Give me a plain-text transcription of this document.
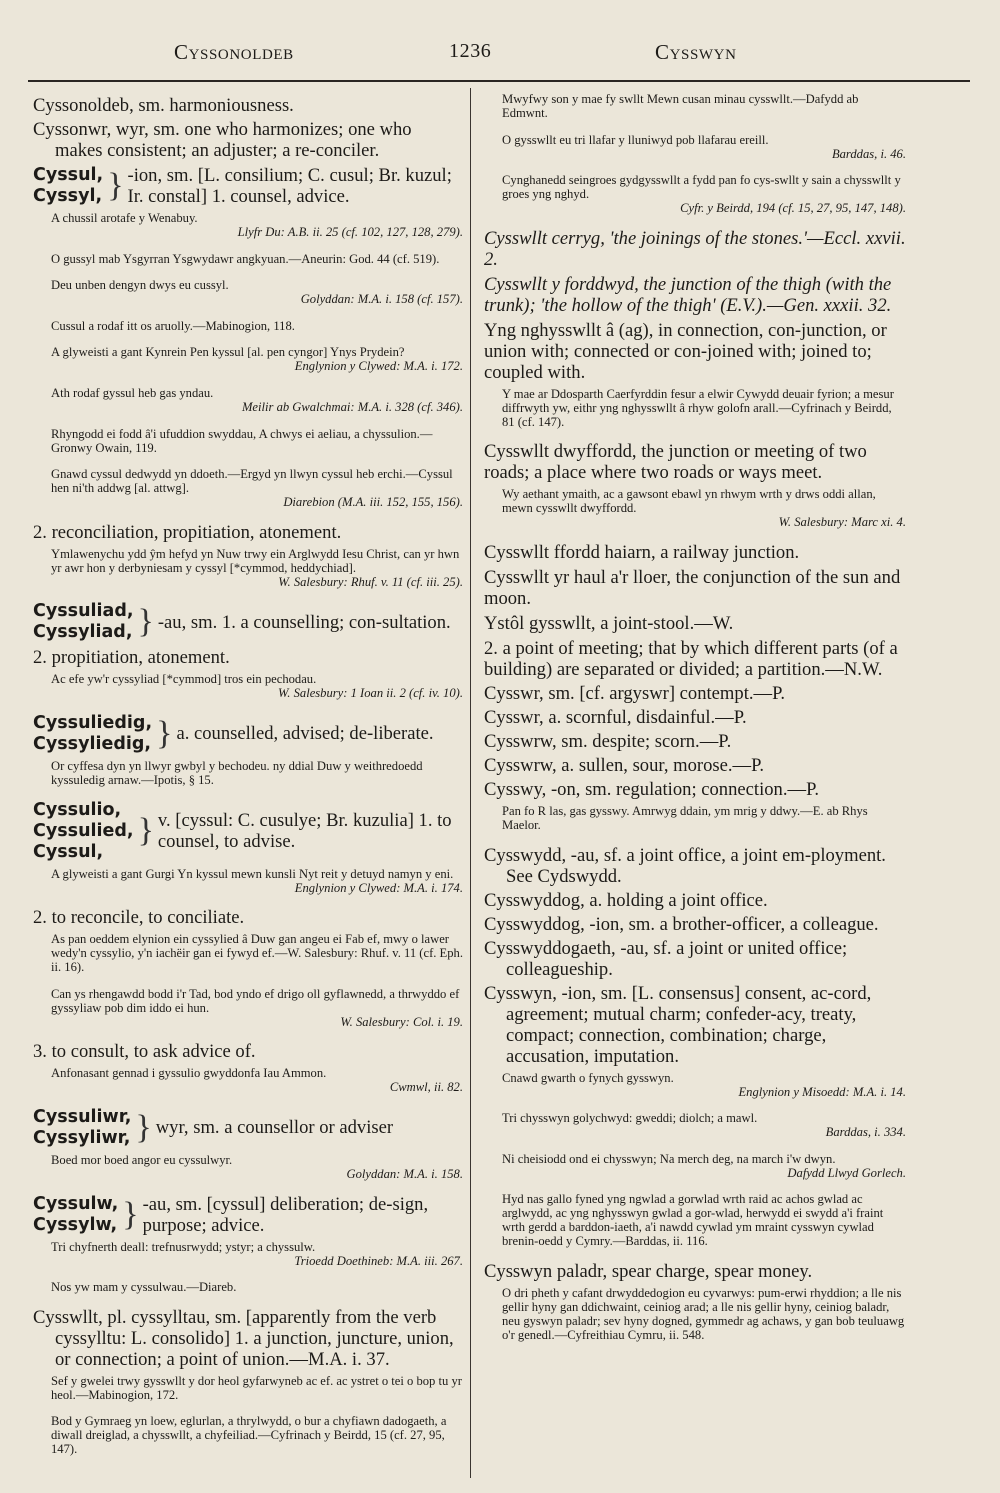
Cyssonoldeb	1236	Cysswyn

Cyssonoldeb, sm. harmoniousness.

Cyssonwr, wyr, sm. one who harmonizes; one who makes consistent; an adjuster; a re-conciler.

Cyssul,
Cyssyl, } -ion, sm. [L. consilium; C. cusul; Br. kuzul; Ir. constal] 1. counsel, advice.

A chussil arotafe y Wenabuy.
Llyfr Du: A.B. ii. 25 (cf. 102, 127, 128, 279).

O gussyl mab Ysgyrran Ysgwydawr angkyuan.—Aneurin: God. 44 (cf. 519).

Deu unben dengyn dwys eu cussyl.
Golyddan: M.A. i. 158 (cf. 157).

Cussul a rodaf itt os aruolly.—Mabinogion, 118.

A glyweisti a gant Kynrein Pen kyssul [al. pen cyngor] Ynys Prydein?
Englynion y Clywed: M.A. i. 172.

Ath rodaf gyssul heb gas yndau.
Meilir ab Gwalchmai: M.A. i. 328 (cf. 346).

Rhyngodd ei fodd â'i ufuddion swyddau, A chwys ei aeliau, a chyssulion.—Gronwy Owain, 119.

Gnawd cyssul dedwydd yn ddoeth.—Ergyd yn llwyn cyssul heb erchi.—Cyssul hen ni'th addwg [al. attwg].
Diarebion (M.A. iii. 152, 155, 156).

2. reconciliation, propitiation, atonement.

Ymlawenychu ydd ŷm hefyd yn Nuw trwy ein Arglwydd Iesu Christ, can yr hwn yr awr hon y derbyniesam y cyssyl [*cymmod, heddychiad].
W. Salesbury: Rhuf. v. 11 (cf. iii. 25).

Cyssuliad,
Cyssyliad, } -au, sm. 1. a counselling; con-sultation.

2. propitiation, atonement.

Ac efe yw'r cyssyliad [*cymmod] tros ein pechodau.
W. Salesbury: 1 Ioan ii. 2 (cf. iv. 10).

Cyssuliedig,
Cyssyliedig, } a. counselled, advised; de-liberate.

Or cyffesa dyn yn llwyr gwbyl y bechodeu. ny ddial Duw y weithredoedd kyssuledig arnaw.—Ipotis, § 15.

Cyssulio,
Cyssulied,
Cyssul,
} v. [cyssul: C. cusulye; Br. kuzulia] 1. to counsel, to advise.

A glyweisti a gant Gurgi Yn kyssul mewn kunsli Nyt reit y detuyd namyn y eni.
Englynion y Clywed: M.A. i. 174.

2. to reconcile, to conciliate.

As pan oeddem elynion ein cyssylied â Duw gan angeu ei Fab ef, mwy o lawer wedy'n cyssylio, y'n iachëir gan ei fywyd ef.—W. Salesbury: Rhuf. v. 11 (cf. Eph. ii. 16).

Can ys rhengawdd bodd i'r Tad, bod yndo ef drigo oll gyflawnedd, a thrwyddo ef gyssyliaw pob dim iddo ei hun.
W. Salesbury: Col. i. 19.

3. to consult, to ask advice of.

Anfonasant gennad i gyssulio gwyddonfa Iau Ammon.
Cwmwl, ii. 82.

Cyssuliwr,
Cyssyliwr, } wyr, sm. a counsellor or adviser

Boed mor boed angor eu cyssulwyr.
Golyddan: M.A. i. 158.

Cyssulw,
Cyssylw, } -au, sm. [cyssul] deliberation; de-sign, purpose; advice.

Tri chyfnerth deall: trefnusrwydd; ystyr; a chyssulw.
Trioedd Doethineb: M.A. iii. 267.

Nos yw mam y cyssulwau.—Diareb.

Cysswllt, pl. cyssylltau, sm. [apparently from the verb cyssylltu: L. consolido] 1. a junction, juncture, union, or connection; a point of union.—M.A. i. 37.

Sef y gwelei trwy gysswllt y dor heol gyfarwyneb ac ef. ac ystret o tei o bop tu yr heol.—Mabinogion, 172.

Bod y Gymraeg yn loew, eglurlan, a thrylwydd, o bur a chyfiawn dadogaeth, a diwall dreiglad, a chysswllt, a chyfeiliad.—Cyfrinach y Beirdd, 15 (cf. 27, 95, 147).

Mwyfwy son y mae fy swllt Mewn cusan minau cysswllt.—Dafydd ab Edmwnt.

O gysswllt eu tri llafar y lluniwyd pob llafarau ereill.
Barddas, i. 46.

Cynghanedd seingroes gydgysswllt a fydd pan fo cys-swllt y sain a chysswllt y groes yng nghyd.
Cyfr. y Beirdd, 194 (cf. 15, 27, 95, 147, 148).

Cysswllt cerryg, 'the joinings of the stones.'—Eccl. xxvii. 2.

Cysswllt y forddwyd, the junction of the thigh (with the trunk); 'the hollow of the thigh' (E.V.).—Gen. xxxii. 32.

Yng nghysswllt â (ag), in connection, con-junction, or union with; connected or con-joined with; joined to; coupled with.

Y mae ar Ddosparth Caerfyrddin fesur a elwir Cywydd deuair fyrion; a mesur diffrwyth yw, eithr yng nghysswllt â rhyw golofn arall.—Cyfrinach y Beirdd, 81 (cf. 147).

Cysswllt dwyffordd, the junction or meeting of two roads; a place where two roads or ways meet.

Wy aethant ymaith, ac a gawsont ebawl yn rhwym wrth y drws oddi allan, mewn cysswllt dwyffordd.
W. Salesbury: Marc xi. 4.

Cysswllt ffordd haiarn, a railway junction.

Cysswllt yr haul a'r lloer, the conjunction of the sun and moon.

Ystôl gysswllt, a joint-stool.—W.

2. a point of meeting; that by which different parts (of a building) are separated or divided; a partition.—N.W.

Cysswr, sm. [cf. argyswr] contempt.—P.

Cysswr, a. scornful, disdainful.—P.

Cysswrw, sm. despite; scorn.—P.

Cysswrw, a. sullen, sour, morose.—P.

Cysswy, -on, sm. regulation; connection.—P.

Pan fo R las, gas gysswy. Amrwyg ddain, ym mrig y ddwy.—E. ab Rhys Maelor.

Cysswydd, -au, sf. a joint office, a joint em-ployment. See Cydswydd.

Cysswyddog, a. holding a joint office.

Cysswyddog, -ion, sm. a brother-officer, a colleague.

Cysswyddogaeth, -au, sf. a joint or united office; colleagueship.

Cysswyn, -ion, sm. [L. consensus] consent, ac-cord, agreement; mutual charm; confeder-acy, treaty, compact; connection, combination; charge, accusation, imputation.

Cnawd gwarth o fynych gysswyn.
Englynion y Misoedd: M.A. i. 14.

Tri chysswyn golychwyd: gweddi; diolch; a mawl.
Barddas, i. 334.

Ni cheisiodd ond ei chysswyn; Na merch deg, na march i'w dwyn.
Dafydd Llwyd Gorlech.

Hyd nas gallo fyned yng ngwlad a gorwlad wrth raid ac achos gwlad ac arglwydd, ac yng nghysswyn gwlad a gor-wlad, herwydd ei swydd a'i fraint wrth gerdd a barddon-iaeth, a'i nawdd cywlad ym mraint cysswyn cywlad brenin-oedd y Cymry.—Barddas, ii. 116.

Cysswyn paladr, spear charge, spear money.

O dri pheth y cafant drwyddedogion eu cyvarwys: pum-erwi rhyddion; a lle nis gellir hyny gan ddichwaint, ceiniog arad; a lle nis gellir hyny, ceiniog baladr, neu gyswyn paladr; sev hyny dogned, gymmedr ag achaws, y gan bob teuluawg o'r genedl.—Cyfreithiau Cymru, ii. 548.
